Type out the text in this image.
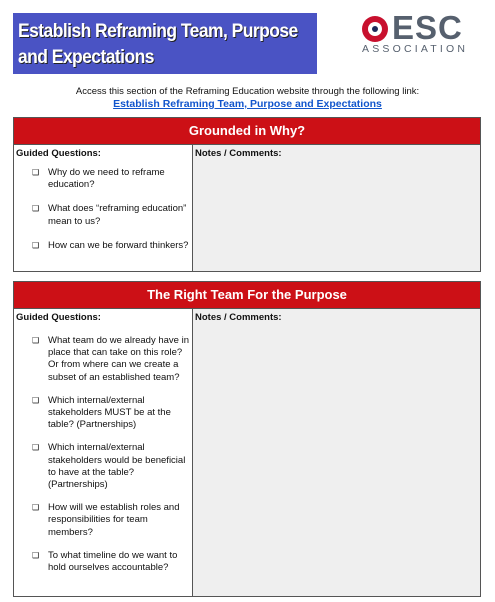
Establish Reframing Team, Purpose
and Expectations
ESC
ASSOCIATION
Access this section of the Reframing Education website through the following link:
Establish Reframing Team, Purpose and Expectations
Grounded in Why?
Guided Questions:
❑ Why do we need to reframe education?
❑ What does “reframing education” mean to us?
❑ How can we be forward thinkers?
Notes / Comments:
The Right Team For the Purpose
Guided Questions:
❑ What team do we already have in place that can take on this role? Or from where can we create a subset of an established team?
❑ Which internal/external stakeholders MUST be at the table? (Partnerships)
❑ Which internal/external stakeholders would be beneficial to have at the table? (Partnerships)
❑ How will we establish roles and responsibilities for team members?
❑ To what timeline do we want to hold ourselves accountable?
Notes / Comments:
